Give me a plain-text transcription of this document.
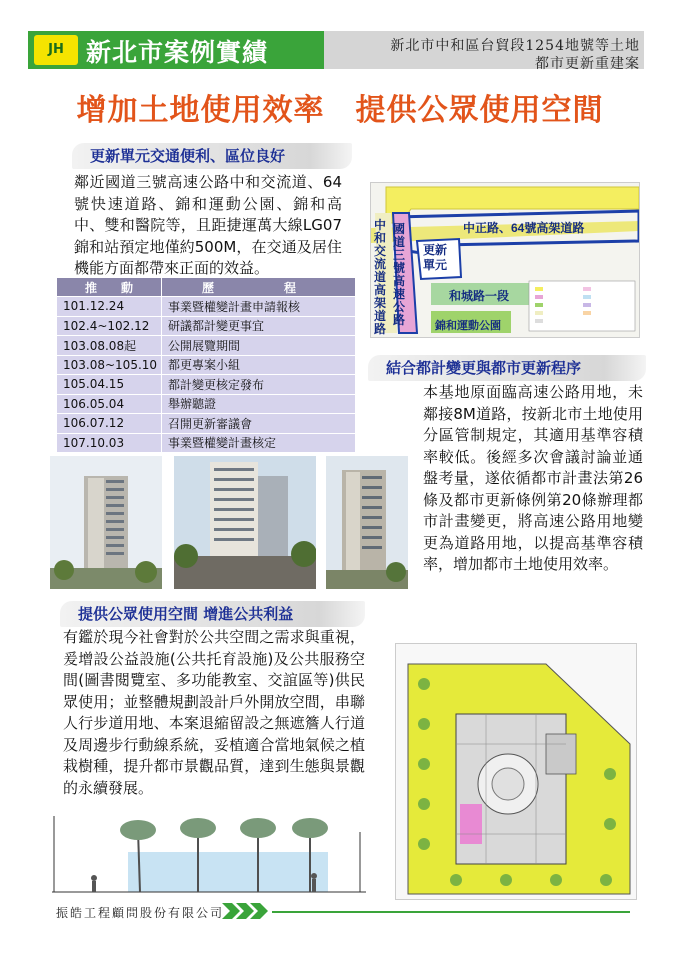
JH 新北市案例實績	新北市中和區台貿段1254地號等土地
都市更新重建案
增加土地使用效率　提供公眾使用空間
更新單元交通便利、區位良好
鄰近國道三號高速公路中和交流道、64號快速道路、錦和運動公園、錦和高中、雙和醫院等，且距捷運萬大線LG07錦和站預定地僅約500M，在交通及居住機能方面都帶來正面的效益。
推　　動	歷 程
101.12.24	事業暨權變計畫申請報核
102.4~102.12	研議都計變更事宜
103.08.08起	公開展覽期間
103.08~105.10	都更專案小組
105.04.15	都計變更核定發布
106.05.04	舉辦聽證
106.07.12	召開更新審議會
107.10.03	事業暨權變計畫核定
中正路、64號高架道路
國道三號高速公路
中和交流道高架道路
更新單元
和城路一段
錦和運動公園
結合都計變更與都市更新程序
本基地原面臨高速公路用地，未鄰接8M道路，按新北市土地使用分區管制規定，其適用基準容積率較低。後經多次會議討論並通盤考量，遂依循都市計畫法第26條及都市更新條例第20條辦理都市計畫變更，將高速公路用地變更為道路用地，以提高基準容積率，增加都市土地使用效率。
提供公眾使用空間 增進公共利益
有鑑於現今社會對於公共空間之需求與重視，爰增設公益設施(公共托育設施)及公共服務空間(圖書閱覽室、多功能教室、交誼區等)供民眾使用；並整體規劃設計戶外開放空間，串聯人行步道用地、本案退縮留設之無遮簷人行道及周邊步行動線系統，妥植適合當地氣候之植栽樹種，提升都市景觀品質，達到生態與景觀的永續發展。
振皓工程顧問股份有限公司
